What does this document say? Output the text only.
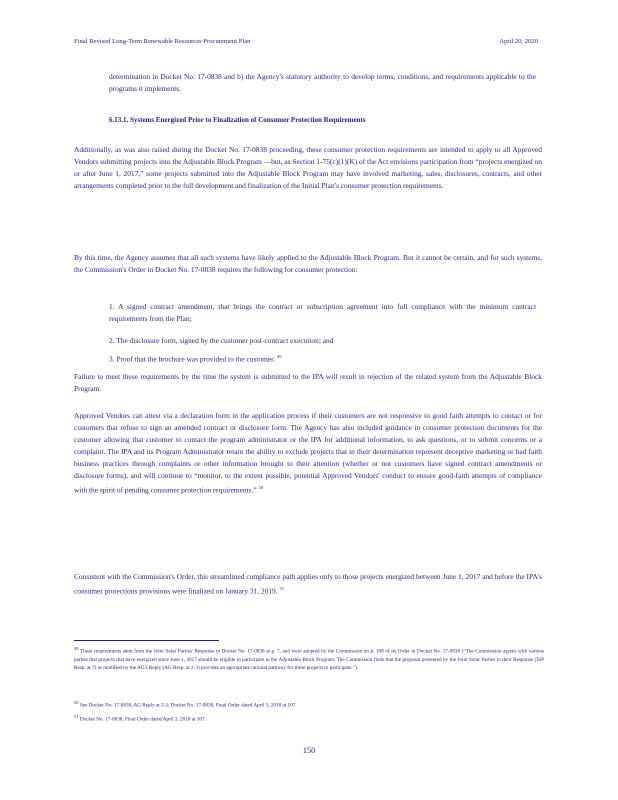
Final Revised Long-Term Renewable Resources Procurement Plan	April 20, 2020
determination in Docket No. 17-0838 and b) the Agency's statutory authority to develop terms, conditions, and requirements applicable to the programs it implements.
6.13.1. Systems Energized Prior to Finalization of Consumer Protection Requirements
Additionally, as was also raised during the Docket No. 17-0838 proceeding, these consumer protection requirements are intended to apply to all Approved Vendors submitting projects into the Adjustable Block Program —but, as Section 1-75(c)(1)(K) of the Act envisions participation from “projects energized on or after June 1, 2017,” some projects submitted into the Adjustable Block Program may have involved marketing, sales, disclosures, contracts, and other arrangements completed prior to the full development and finalization of the Initial Plan's consumer protection requirements.
By this time, the Agency assumes that all such systems have likely applied to the Adjustable Block Program. But it cannot be certain, and for such systems, the Commission's Order in Docket No. 17-0838 requires the following for consumer protection:
1. A signed contract amendment, that brings the contract or subscription agreement into full compliance with the minimum contract requirements from the Plan;
2. The disclosure form, signed by the customer post-contract execution; and
3. Proof that the brochure was provided to the customer. $^{49}$
Failure to meet these requirements by the time the system is submitted to the IPA will result in rejection of the related system from the Adjustable Block Program.
Approved Vendors can attest via a declaration form in the application process if their customers are not responsive to good faith attempts to contact or for customers that refuse to sign an amended contract or disclosure form. The Agency has also included guidance in consumer protection documents for the customer allowing that customer to contact the program administrator or the IPA for additional information, to ask questions, or to submit concerns or a complaint. The IPA and its Program Administrator retain the ability to exclude projects that in their determination represent deceptive marketing or bad faith business practices through complaints or other information brought to their attention (whether or not customers have signed contract amendments or disclosure forms), and will continue to “monitor, to the extent possible, potential Approved Vendors' conduct to ensure good-faith attempts of compliance with the spirit of pending consumer protection requirements.” $^{50}$
Consistent with the Commission's Order, this streamlined compliance path applies only to those projects energized between June 1, 2017 and before the IPA's consumer protections provisions were finalized on January 31, 2019. $^{51}$
49 These requirements stem from the Joint Solar Parties' Response in Docket No. 17-0838 at p. 7, and were adopted by the Commission on p. 108 of its Order in Docket No. 17-0838 (“The Commission agrees with various parties that projects that have energized since June 1, 2017 should be eligible to participate in the Adjustable Block Program. The Commission finds that the proposal presented by the Joint Solar Parties in their Response (JSP Resp. at 7) as modified by the AG's Reply (AG Resp. at 2-3) provides an appropriate rational pathway for these projects to participate.”).
50 See Docket No. 17-0838, AG Reply at 2-3; Docket No. 17-0838, Final Order dated April 3, 2018 at 107.
51 Docket No. 17-0838, Final Order dated April 3, 2018 at 107.
150
